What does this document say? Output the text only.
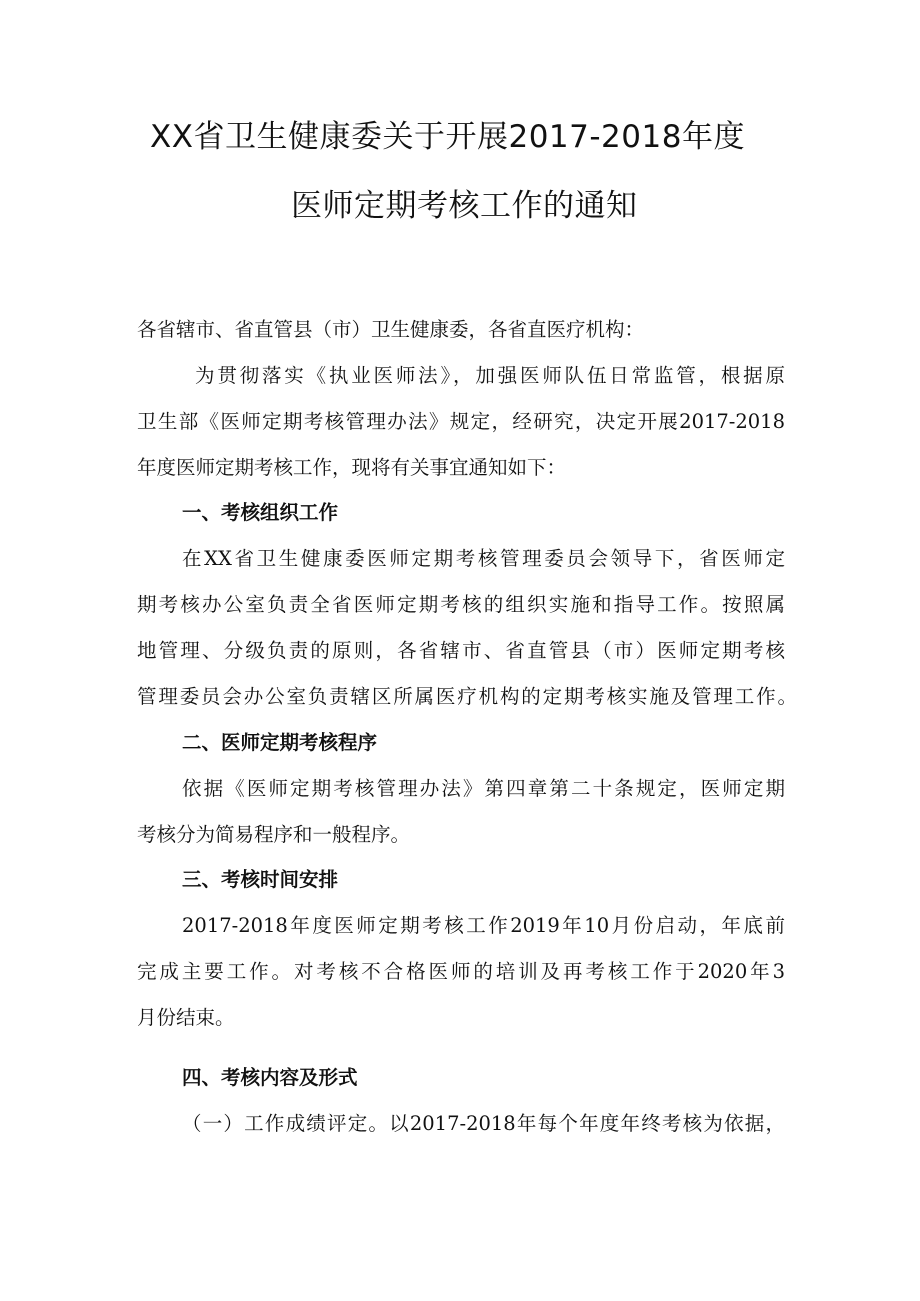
XX省卫生健康委关于开展2017-2018年度
医师定期考核工作的通知
各省辖市、省直管县（市）卫生健康委，各省直医疗机构：
为贯彻落实《执业医师法》，加强医师队伍日常监管，根据原
卫生部《医师定期考核管理办法》规定，经研究，决定开展2017-2018
年度医师定期考核工作，现将有关事宜通知如下：
一、考核组织工作
在XX省卫生健康委医师定期考核管理委员会领导下，省医师定
期考核办公室负责全省医师定期考核的组织实施和指导工作。按照属
地管理、分级负责的原则，各省辖市、省直管县（市）医师定期考核
管理委员会办公室负责辖区所属医疗机构的定期考核实施及管理工作。
二、医师定期考核程序
依据《医师定期考核管理办法》第四章第二十条规定，医师定期
考核分为简易程序和一般程序。
三、考核时间安排
2017-2018年度医师定期考核工作2019年10月份启动，年底前
完成主要工作。对考核不合格医师的培训及再考核工作于2020年3
月份结束。
四、考核内容及形式
（一）工作成绩评定。以2017-2018年每个年度年终考核为依据，
